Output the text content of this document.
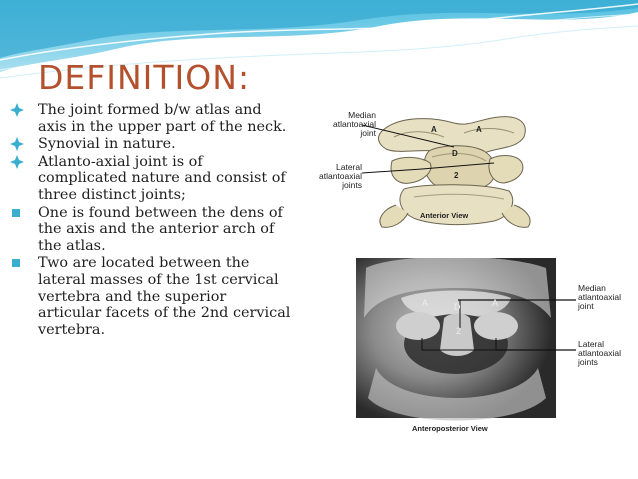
DEFINITION:
The joint formed b/w atlas and axis in the upper part of the neck.
Synovial in nature.
Atlanto-axial joint is of complicated nature and consist of three distinct joints;
One is found between the dens of the axis and the anterior arch of the atlas.
Two are located between the lateral masses of the 1st cervical vertebra and the superior articular facets of the 2nd cervical vertebra.
Median atlantoaxial joint
Lateral atlantoaxial joints
A	A
D
2
Anterior View
A	A
D
2
Median atlantoaxial joint
Lateral atlantoaxial joints
Anteroposterior View
